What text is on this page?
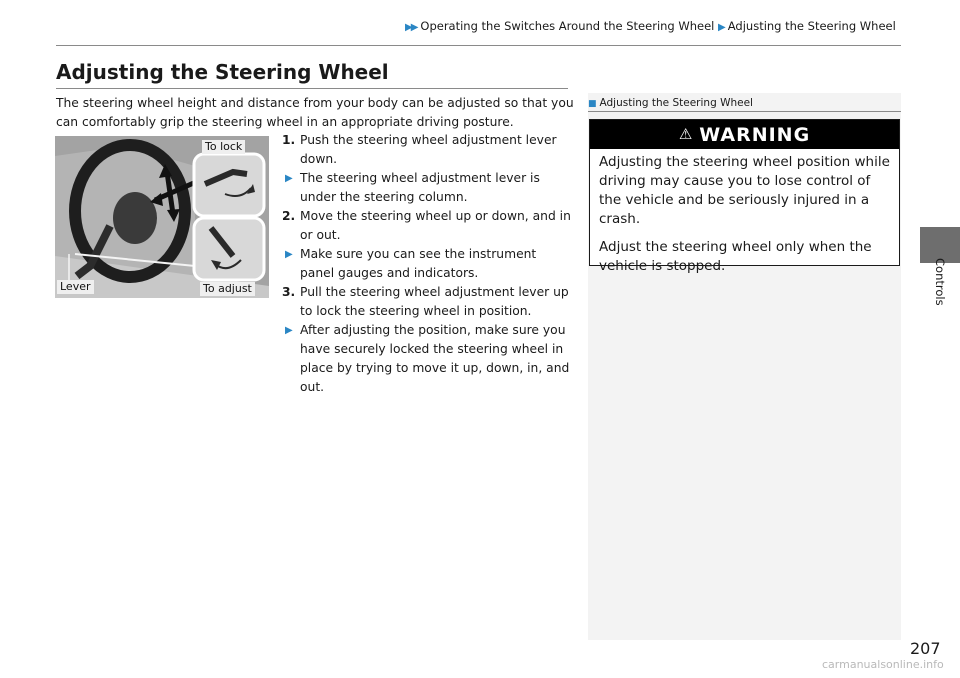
▶▶ Operating the Switches Around the Steering Wheel ▶ Adjusting the Steering Wheel
Adjusting the Steering Wheel

The steering wheel height and distance from your body can be adjusted so that you can comfortably grip the steering wheel in an appropriate driving posture.

To lock
To adjust
Lever
1. Push the steering wheel adjustment lever down.
▶ The steering wheel adjustment lever is under the steering column.
2. Move the steering wheel up or down, and in or out.
▶ Make sure you can see the instrument panel gauges and indicators.
3. Pull the steering wheel adjustment lever up to lock the steering wheel in position.
▶ After adjusting the position, make sure you have securely locked the steering wheel in place by trying to move it up, down, in, and out.
■ Adjusting the Steering Wheel
⚠ WARNING

Adjusting the steering wheel position while driving may cause you to lose control of the vehicle and be seriously injured in a crash.

Adjust the steering wheel only when the vehicle is stopped.	Controls
207
carmanualsonline.info
